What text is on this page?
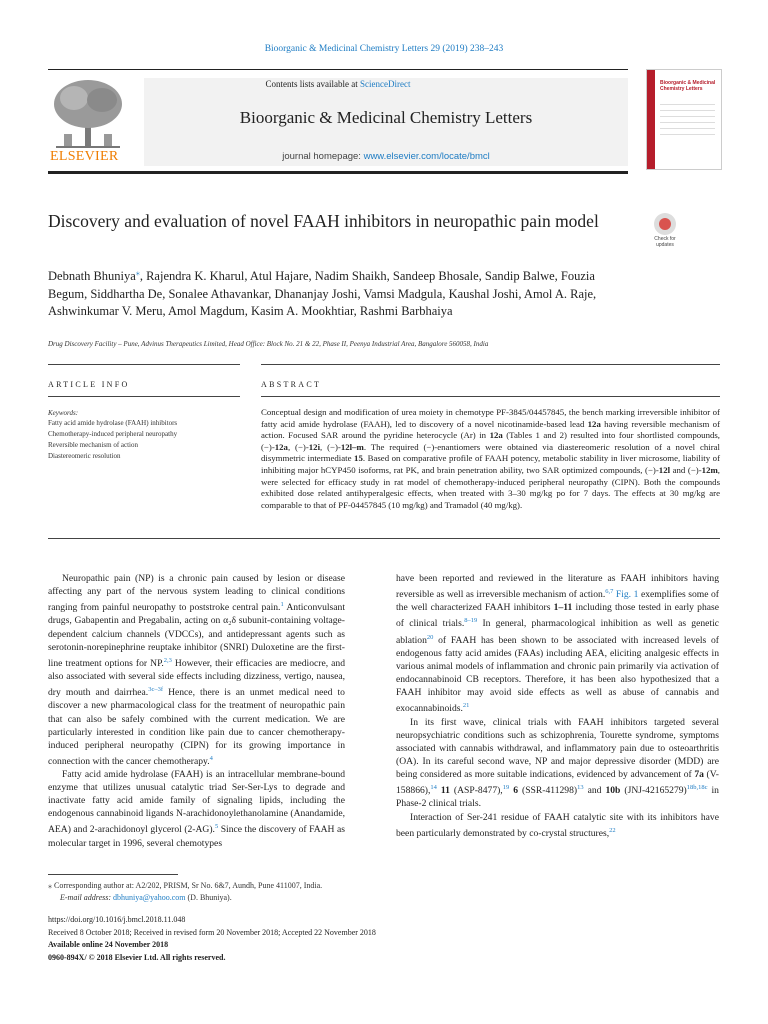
Bioorganic & Medicinal Chemistry Letters 29 (2019) 238–243
ELSEVIER
Contents lists available at ScienceDirect
Bioorganic & Medicinal Chemistry Letters
journal homepage: www.elsevier.com/locate/bmcl
Bioorganic & Medicinal Chemistry Letters
Discovery and evaluation of novel FAAH inhibitors in neuropathic pain model
Check for
updates
Debnath Bhuniya⁎, Rajendra K. Kharul, Atul Hajare, Nadim Shaikh, Sandeep Bhosale, Sandip Balwe, Fouzia Begum, Siddhartha De, Sonalee Athavankar, Dhananjay Joshi, Vamsi Madgula, Kaushal Joshi, Amol A. Raje, Ashwinkumar V. Meru, Amol Magdum, Kasim A. Mookhtiar, Rashmi Barbhaiya
Drug Discovery Facility – Pune, Advinus Therapeutics Limited, Head Office: Block No. 21 & 22, Phase II, Peenya Industrial Area, Bangalore 560058, India
ARTICLE INFO	ABSTRACT
Keywords:
Fatty acid amide hydrolase (FAAH) inhibitors
Chemotherapy-induced peripheral neuropathy
Reversible mechanism of action
Diastereomeric resolution
Conceptual design and modification of urea moiety in chemotype PF-3845/04457845, the bench marking irreversible inhibitor of fatty acid amide hydrolase (FAAH), led to discovery of a novel nicotinamide-based lead 12a having reversible mechanism of action. Focused SAR around the pyridine heterocycle (Ar) in 12a (Tables 1 and 2) resulted into four shortlisted compounds, (−)-12a, (−)-12i, (−)-12l–m. The required (−)-enantiomers were obtained via diastereomeric resolution of a novel chiral disymmetric intermediate 15. Based on comparative profile of FAAH potency, metabolic stability in liver microsome, liability of inhibiting major hCYP450 isoforms, rat PK, and brain penetration ability, two SAR optimized compounds, (−)-12l and (−)-12m, were selected for efficacy study in rat model of chemotherapy-induced peripheral neuropathy (CIPN). Both the compounds exhibited dose related antihyperalgesic effects, when treated with 3–30 mg/kg po for 7 days. The effects at 30 mg/kg are comparable to that of PF-04457845 (10 mg/kg) and Tramadol (40 mg/kg).

Neuropathic pain (NP) is a chronic pain caused by lesion or disease affecting any part of the nervous system leading to clinical conditions ranging from painful neuropathy to poststroke central pain.$^1$ Anticonvulsant drugs, Gabapentin and Pregabalin, acting on α₂δ subunit-containing voltage-dependent calcium channels (VDCCs), and antidepressant agents such as serotonin-norepinephrine reuptake inhibitor (SNRI) Duloxetine are the first-line treatment options for NP.$^{2,3}$ However, their efficacies are mediocre, and also associated with several side effects including dizziness, vertigo, nausea, dry mouth and dairrhea.$^{3c-3f}$ Hence, there is an unmet medical need to discover a new pharmacological class for the treatment of neuropathic pain that can also be safely combined with the current medication. We are particularly interested in condition like pain due to cancer chemotherapy-induced peripheral neuropathy (CIPN) for its growing importance in connection with the cancer chemotherapy.$^4$

Fatty acid amide hydrolase (FAAH) is an intracellular membrane-bound enzyme that utilizes unusual catalytic triad Ser-Ser-Lys to degrade and inactivate fatty acid amide family of signaling lipids, including the endogenous cannabinoid ligands N-arachidonoylethanolamine (Anandamide, AEA) and 2-arachidonoyl glycerol (2-AG).$^5$ Since the discovery of FAAH as molecular target in 1996, several chemotypes

have been reported and reviewed in the literature as FAAH inhibitors having reversible as well as irreversible mechanism of action.$^{6,7}$ Fig. 1 exemplifies some of the well characterized FAAH inhibitors 1–11 including those tested in early phase of clinical trials.$^{8-19}$ In general, pharmacological inhibition as well as genetic ablation$^{20}$ of FAAH has been shown to be associated with increased levels of endogenous fatty acid amides (FAAs) including AEA, eliciting analgesic effects in various animal models of inflammation and chronic pain primarily via activation of endocannabinoid CB receptors. Therefore, it has been also hypothesized that a FAAH inhibitor may avoid side effects as well as abuse of cannabis and exocannabinoids.$^{21}$

In its first wave, clinical trials with FAAH inhibitors targeted several neuropsychiatric conditions such as schizophrenia, Tourette syndrome, symptoms associated with cannabis withdrawal, and inflammatory pain due to osteoarthritis (OA). In its careful second wave, NP and major depressive disorder (MDD) are being considered as more suitable indications, evidenced by advancement of 7a (V-158866),$^{14}$ 11 (ASP-8477),$^{19}$ 6 $(SSR-411298)^{13}$ and 10b $(JNJ-42165279)^{18b,18c}$ in Phase-2 clinical trials.

Interaction of Ser-241 residue of FAAH catalytic site with its inhibitors have been particularly demonstrated by co-crystal structures,$^{22}$

⁎ Corresponding author at: A2/202, PRISM, Sr No. 6&7, Aundh, Pune 411007, India.
E-mail address: dbhuniya@yahoo.com (D. Bhuniya).
https://doi.org/10.1016/j.bmcl.2018.11.048
Received 8 October 2018; Received in revised form 20 November 2018; Accepted 22 November 2018
Available online 24 November 2018
0960-894X/ © 2018 Elsevier Ltd. All rights reserved.
